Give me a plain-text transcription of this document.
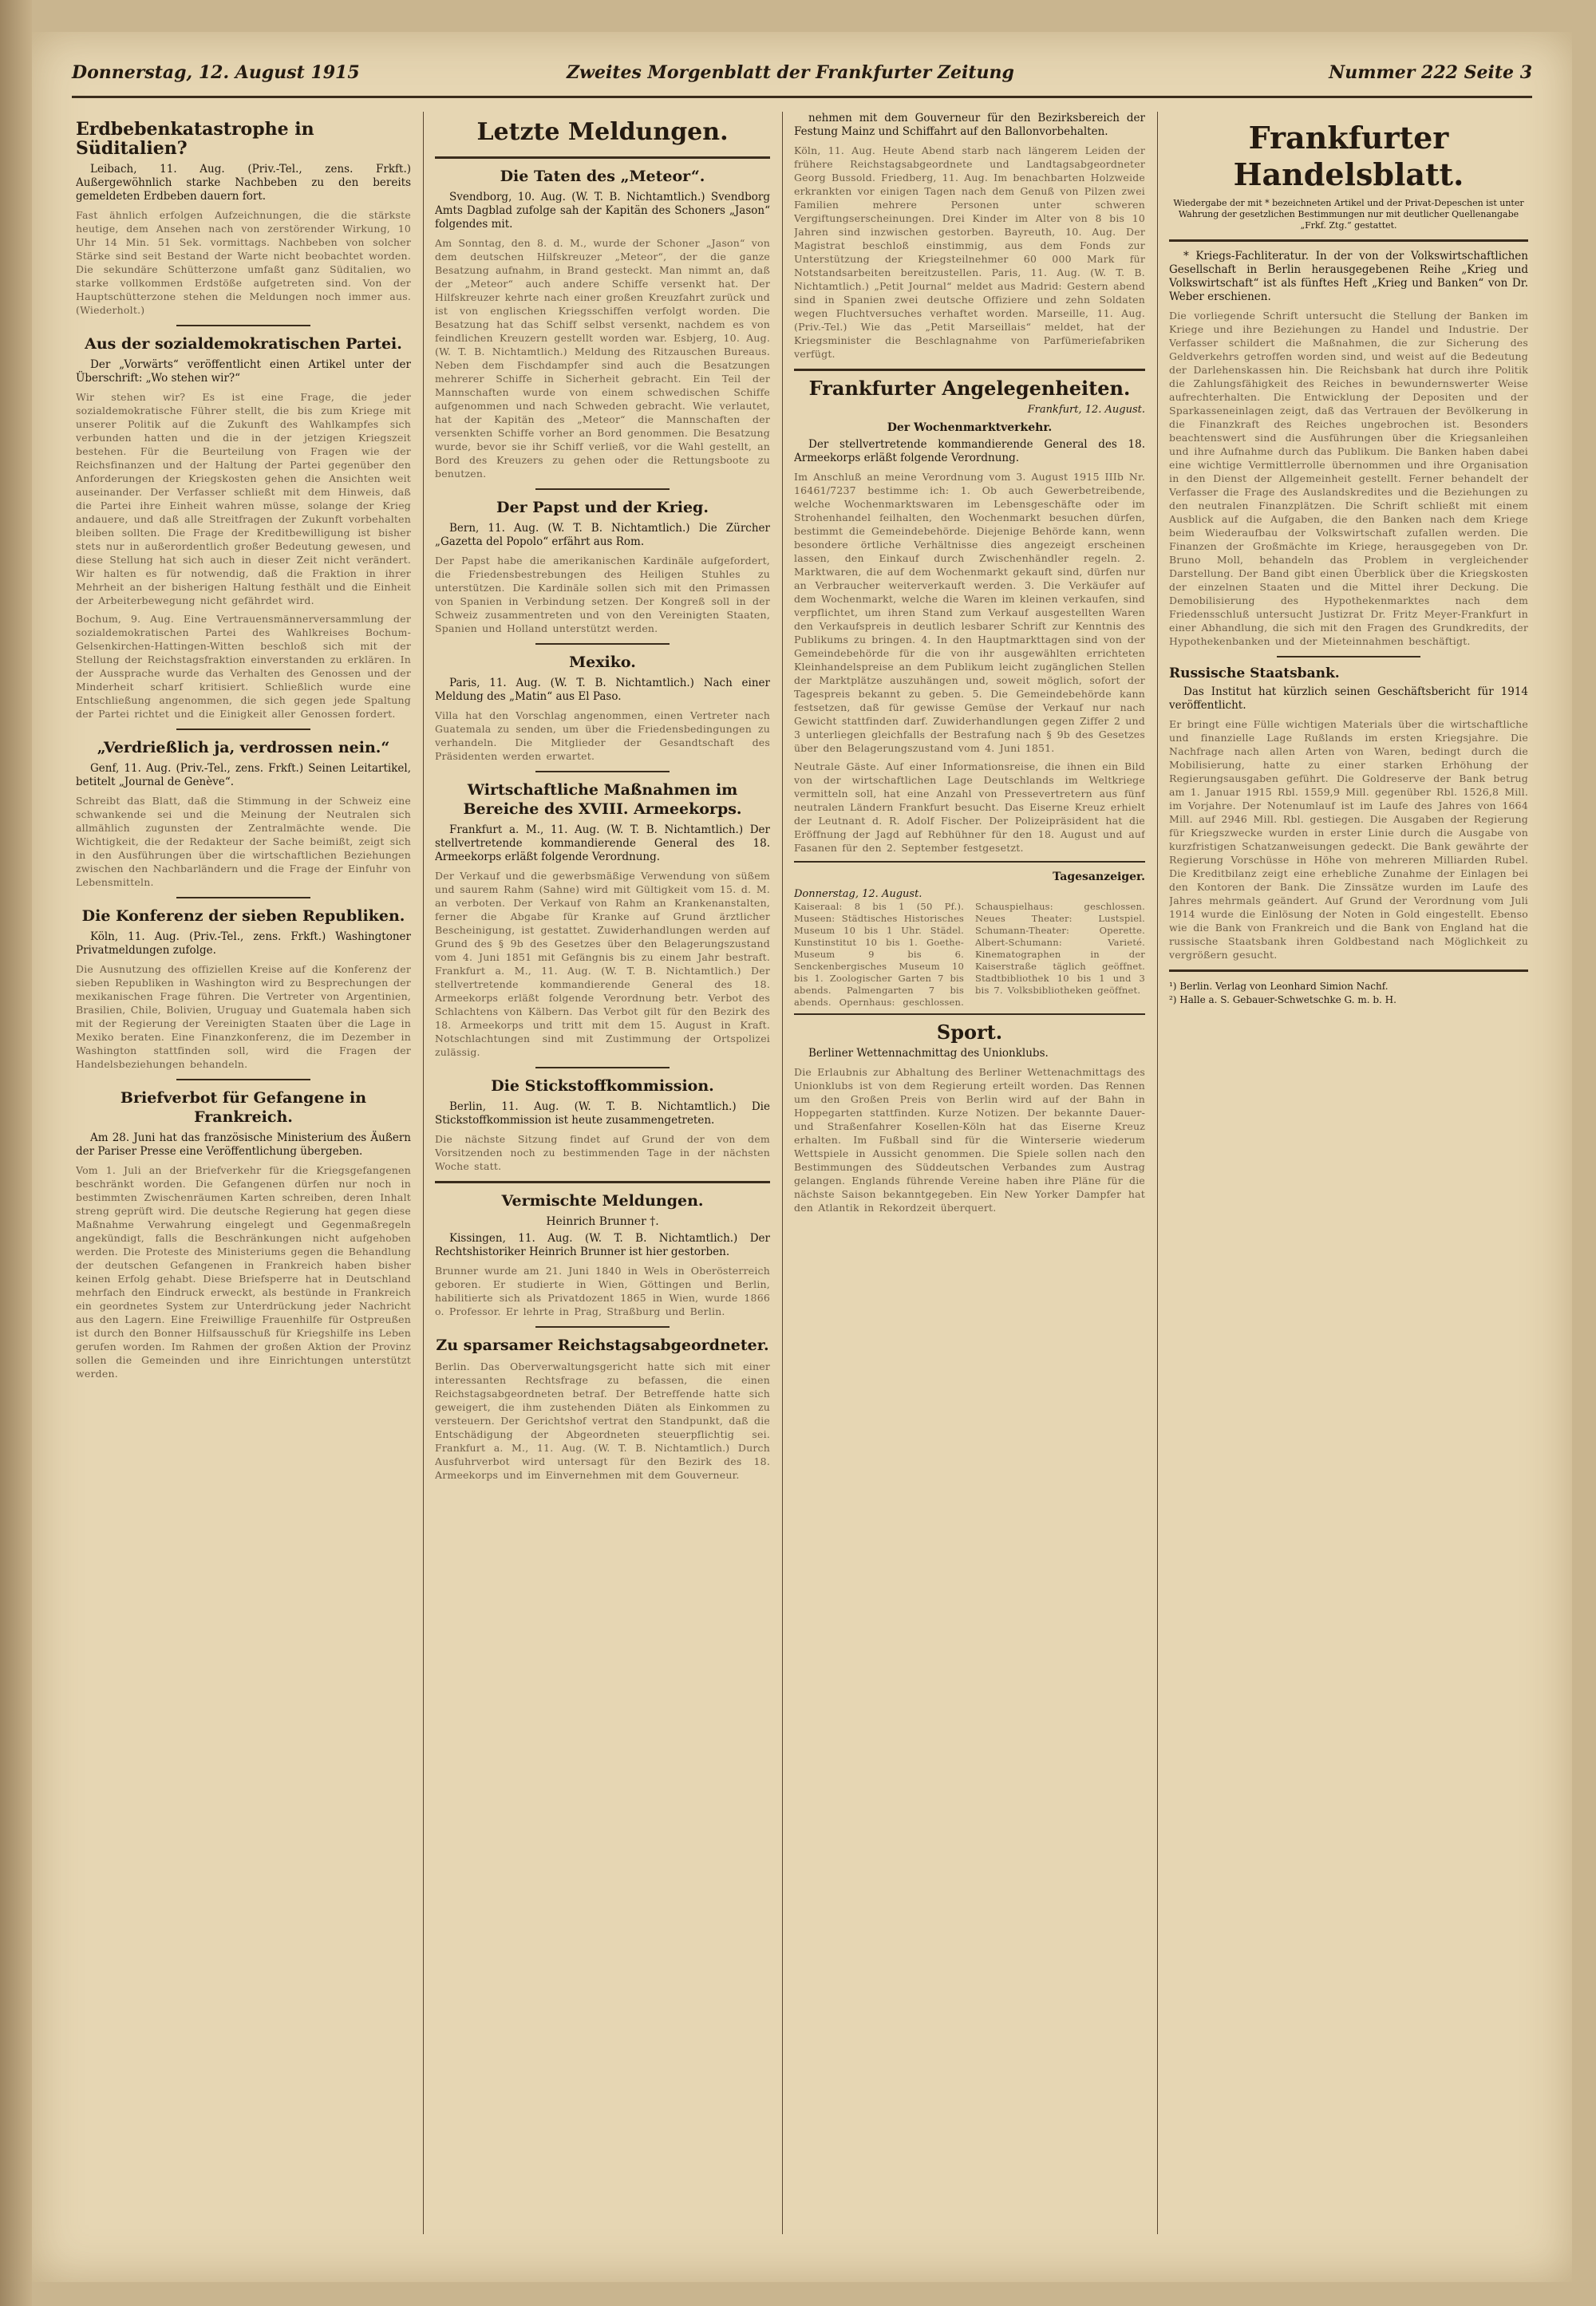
Donnerstag, 12. August 1915	Zweites Morgenblatt der Frankfurter Zeitung	Nummer 222 Seite 3
Erdbebenkatastrophe in Süditalien?

Leibach, 11. Aug. (Priv.-Tel., zens. Frkft.) Außergewöhnlich starke Nachbeben zu den bereits gemeldeten Erdbeben dauern fort.

Fast ähnlich erfolgen Aufzeichnungen, die die stärkste heutige, dem Ansehen nach von zerstörender Wirkung, 10 Uhr 14 Min. 51 Sek. vormittags. Nachbeben von solcher Stärke sind seit Bestand der Warte nicht beobachtet worden. Die sekundäre Schütterzone umfaßt ganz Süditalien, wo starke vollkommen Erdstöße aufgetreten sind. Von der Hauptschütterzone stehen die Meldungen noch immer aus. (Wiederholt.)
Aus der sozialdemokratischen Partei.

Der „Vorwärts“ veröffentlicht einen Artikel unter der Überschrift: „Wo stehen wir?“

Wir stehen wir? Es ist eine Frage, die jeder sozialdemokratische Führer stellt, die bis zum Kriege mit unserer Politik auf die Zukunft des Wahlkampfes sich verbunden hatten und die in der jetzigen Kriegszeit bestehen. Für die Beurteilung von Fragen wie der Reichsfinanzen und der Haltung der Partei gegenüber den Anforderungen der Kriegskosten gehen die Ansichten weit auseinander. Der Verfasser schließt mit dem Hinweis, daß die Partei ihre Einheit wahren müsse, solange der Krieg andauere, und daß alle Streitfragen der Zukunft vorbehalten bleiben sollten. Die Frage der Kreditbewilligung ist bisher stets nur in außerordentlich großer Bedeutung gewesen, und diese Stellung hat sich auch in dieser Zeit nicht verändert. Wir halten es für notwendig, daß die Fraktion in ihrer Mehrheit an der bisherigen Haltung festhält und die Einheit der Arbeiterbewegung nicht gefährdet wird.
Bochum, 9. Aug. Eine Vertrauensmännerversammlung der sozialdemokratischen Partei des Wahlkreises Bochum-Gelsenkirchen-Hattingen-Witten beschloß sich mit der Stellung der Reichstagsfraktion einverstanden zu erklären. In der Aussprache wurde das Verhalten des Genossen und der Minderheit scharf kritisiert. Schließlich wurde eine Entschließung angenommen, die sich gegen jede Spaltung der Partei richtet und die Einigkeit aller Genossen fordert.
„Verdrießlich ja, verdrossen nein.“

Genf, 11. Aug. (Priv.-Tel., zens. Frkft.) Seinen Leitartikel, betitelt „Journal de Genève“.

Schreibt das Blatt, daß die Stimmung in der Schweiz eine schwankende sei und die Meinung der Neutralen sich allmählich zugunsten der Zentralmächte wende. Die Wichtigkeit, die der Redakteur der Sache beimißt, zeigt sich in den Ausführungen über die wirtschaftlichen Beziehungen zwischen den Nachbarländern und die Frage der Einfuhr von Lebensmitteln.
Die Konferenz der sieben Republiken.

Köln, 11. Aug. (Priv.-Tel., zens. Frkft.) Washingtoner Privatmeldungen zufolge.

Die Ausnutzung des offiziellen Kreise auf die Konferenz der sieben Republiken in Washington wird zu Besprechungen der mexikanischen Frage führen. Die Vertreter von Argentinien, Brasilien, Chile, Bolivien, Uruguay und Guatemala haben sich mit der Regierung der Vereinigten Staaten über die Lage in Mexiko beraten. Eine Finanzkonferenz, die im Dezember in Washington stattfinden soll, wird die Fragen der Handelsbeziehungen behandeln.
Briefverbot für Gefangene in Frankreich.

Am 28. Juni hat das französische Ministerium des Äußern der Pariser Presse eine Veröffentlichung übergeben.

Vom 1. Juli an der Briefverkehr für die Kriegsgefangenen beschränkt worden. Die Gefangenen dürfen nur noch in bestimmten Zwischenräumen Karten schreiben, deren Inhalt streng geprüft wird. Die deutsche Regierung hat gegen diese Maßnahme Verwahrung eingelegt und Gegenmaßregeln angekündigt, falls die Beschränkungen nicht aufgehoben werden. Die Proteste des Ministeriums gegen die Behandlung der deutschen Gefangenen in Frankreich haben bisher keinen Erfolg gehabt. Diese Briefsperre hat in Deutschland mehrfach den Eindruck erweckt, als bestünde in Frankreich ein geordnetes System zur Unterdrückung jeder Nachricht aus den Lagern. Eine Freiwillige Frauenhilfe für Ostpreußen ist durch den Bonner Hilfsausschuß für Kriegshilfe ins Leben gerufen worden. Im Rahmen der großen Aktion der Provinz sollen die Gemeinden und ihre Einrichtungen unterstützt werden.
Letzte Meldungen.
Die Taten des „Meteor“.

Svendborg, 10. Aug. (W. T. B. Nichtamtlich.) Svendborg Amts Dagblad zufolge sah der Kapitän des Schoners „Jason“ folgendes mit.

Am Sonntag, den 8. d. M., wurde der Schoner „Jason“ von dem deutschen Hilfskreuzer „Meteor“, der die ganze Besatzung aufnahm, in Brand gesteckt. Man nimmt an, daß der „Meteor“ auch andere Schiffe versenkt hat. Der Hilfskreuzer kehrte nach einer großen Kreuzfahrt zurück und ist von englischen Kriegsschiffen verfolgt worden. Die Besatzung hat das Schiff selbst versenkt, nachdem es von feindlichen Kreuzern gestellt worden war. Esbjerg, 10. Aug. (W. T. B. Nichtamtlich.) Meldung des Ritzauschen Bureaus. Neben dem Fischdampfer sind auch die Besatzungen mehrerer Schiffe in Sicherheit gebracht. Ein Teil der Mannschaften wurde von einem schwedischen Schiffe aufgenommen und nach Schweden gebracht. Wie verlautet, hat der Kapitän des „Meteor“ die Mannschaften der versenkten Schiffe vorher an Bord genommen. Die Besatzung wurde, bevor sie ihr Schiff verließ, vor die Wahl gestellt, an Bord des Kreuzers zu gehen oder die Rettungsboote zu benutzen.
Der Papst und der Krieg.

Bern, 11. Aug. (W. T. B. Nichtamtlich.) Die Zürcher „Gazetta del Popolo“ erfährt aus Rom.

Der Papst habe die amerikanischen Kardinäle aufgefordert, die Friedensbestrebungen des Heiligen Stuhles zu unterstützen. Die Kardinäle sollen sich mit den Primassen von Spanien in Verbindung setzen. Der Kongreß soll in der Schweiz zusammentreten und von den Vereinigten Staaten, Spanien und Holland unterstützt werden.
Mexiko.

Paris, 11. Aug. (W. T. B. Nichtamtlich.) Nach einer Meldung des „Matin“ aus El Paso.

Villa hat den Vorschlag angenommen, einen Vertreter nach Guatemala zu senden, um über die Friedensbedingungen zu verhandeln. Die Mitglieder der Gesandtschaft des Präsidenten werden erwartet.
Wirtschaftliche Maßnahmen im Bereiche des XVIII. Armeekorps.

Frankfurt a. M., 11. Aug. (W. T. B. Nichtamtlich.) Der stellvertretende kommandierende General des 18. Armeekorps erläßt folgende Verordnung.

Der Verkauf und die gewerbsmäßige Verwendung von süßem und saurem Rahm (Sahne) wird mit Gültigkeit vom 15. d. M. an verboten. Der Verkauf von Rahm an Krankenanstalten, ferner die Abgabe für Kranke auf Grund ärztlicher Bescheinigung, ist gestattet. Zuwiderhandlungen werden auf Grund des § 9b des Gesetzes über den Belagerungszustand vom 4. Juni 1851 mit Gefängnis bis zu einem Jahr bestraft. Frankfurt a. M., 11. Aug. (W. T. B. Nichtamtlich.) Der stellvertretende kommandierende General des 18. Armeekorps erläßt folgende Verordnung betr. Verbot des Schlachtens von Kälbern. Das Verbot gilt für den Bezirk des 18. Armeekorps und tritt mit dem 15. August in Kraft. Notschlachtungen sind mit Zustimmung der Ortspolizei zulässig.
Die Stickstoffkommission.

Berlin, 11. Aug. (W. T. B. Nichtamtlich.) Die Stickstoffkommission ist heute zusammengetreten.

Die nächste Sitzung findet auf Grund der von dem Vorsitzenden noch zu bestimmenden Tage in der nächsten Woche statt.
Vermischte Meldungen.
Heinrich Brunner †.

Kissingen, 11. Aug. (W. T. B. Nichtamtlich.) Der Rechtshistoriker Heinrich Brunner ist hier gestorben.

Brunner wurde am 21. Juni 1840 in Wels in Oberösterreich geboren. Er studierte in Wien, Göttingen und Berlin, habilitierte sich als Privatdozent 1865 in Wien, wurde 1866 o. Professor. Er lehrte in Prag, Straßburg und Berlin.
Zu sparsamer Reichstagsabgeordneter.
Berlin. Das Oberverwaltungsgericht hatte sich mit einer interessanten Rechtsfrage zu befassen, die einen Reichstagsabgeordneten betraf. Der Betreffende hatte sich geweigert, die ihm zustehenden Diäten als Einkommen zu versteuern. Der Gerichtshof vertrat den Standpunkt, daß die Entschädigung der Abgeordneten steuerpflichtig sei. Frankfurt a. M., 11. Aug. (W. T. B. Nichtamtlich.) Durch Ausfuhrverbot wird untersagt für den Bezirk des 18. Armeekorps und im Einvernehmen mit dem Gouverneur.

nehmen mit dem Gouverneur für den Bezirksbereich der Festung Mainz und Schiffahrt auf den Ballonvorbehalten.

Köln, 11. Aug. Heute Abend starb nach längerem Leiden der frühere Reichstagsabgeordnete und Landtagsabgeordneter Georg Bussold. Friedberg, 11. Aug. Im benachbarten Holzweide erkrankten vor einigen Tagen nach dem Genuß von Pilzen zwei Familien mehrere Personen unter schweren Vergiftungserscheinungen. Drei Kinder im Alter von 8 bis 10 Jahren sind inzwischen gestorben. Bayreuth, 10. Aug. Der Magistrat beschloß einstimmig, aus dem Fonds zur Unterstützung der Kriegsteilnehmer 60 000 Mark für Notstandsarbeiten bereitzustellen. Paris, 11. Aug. (W. T. B. Nichtamtlich.) „Petit Journal“ meldet aus Madrid: Gestern abend sind in Spanien zwei deutsche Offiziere und zehn Soldaten wegen Fluchtversuches verhaftet worden. Marseille, 11. Aug. (Priv.-Tel.) Wie das „Petit Marseillais“ meldet, hat der Kriegsminister die Beschlagnahme von Parfümeriefabriken verfügt.
Frankfurter Angelegenheiten.
Frankfurt, 12. August.
Der Wochenmarktverkehr.

Der stellvertretende kommandierende General des 18. Armeekorps erläßt folgende Verordnung.

Im Anschluß an meine Verordnung vom 3. August 1915 IIIb Nr. 16461/7237 bestimme ich: 1. Ob auch Gewerbetreibende, welche Wochenmarktswaren im Lebensgeschäfte oder im Strohenhandel feilhalten, den Wochenmarkt besuchen dürfen, bestimmt die Gemeindebehörde. Diejenige Behörde kann, wenn besondere örtliche Verhältnisse dies angezeigt erscheinen lassen, den Einkauf durch Zwischenhändler regeln. 2. Marktwaren, die auf dem Wochenmarkt gekauft sind, dürfen nur an Verbraucher weiterverkauft werden. 3. Die Verkäufer auf dem Wochenmarkt, welche die Waren im kleinen verkaufen, sind verpflichtet, um ihren Stand zum Verkauf ausgestellten Waren den Verkaufspreis in deutlich lesbarer Schrift zur Kenntnis des Publikums zu bringen. 4. In den Hauptmarkttagen sind von der Gemeindebehörde für die von ihr ausgewählten errichteten Kleinhandelspreise an dem Publikum leicht zugänglichen Stellen der Marktplätze auszuhängen und, soweit möglich, sofort der Tagespreis bekannt zu geben. 5. Die Gemeindebehörde kann festsetzen, daß für gewisse Gemüse der Verkauf nur nach Gewicht stattfinden darf. Zuwiderhandlungen gegen Ziffer 2 und 3 unterliegen gleichfalls der Bestrafung nach § 9b des Gesetzes über den Belagerungszustand vom 4. Juni 1851.
Neutrale Gäste. Auf einer Informationsreise, die ihnen ein Bild von der wirtschaftlichen Lage Deutschlands im Weltkriege vermitteln soll, hat eine Anzahl von Pressevertretern aus fünf neutralen Ländern Frankfurt besucht. Das Eiserne Kreuz erhielt der Leutnant d. R. Adolf Fischer. Der Polizeipräsident hat die Eröffnung der Jagd auf Rebhühner für den 18. August und auf Fasanen für den 2. September festgesetzt.
Tagesanzeiger.
Donnerstag, 12. August.
Kaiseraal: 8 bis 1 (50 Pf.). Museen: Städtisches Historisches Museum 10 bis 1 Uhr. Städel. Kunstinstitut 10 bis 1. Goethe-Museum 9 bis 6. Senckenbergisches Museum 10 bis 1. Zoologischer Garten 7 bis abends. Palmengarten 7 bis abends. Opernhaus: geschlossen. Schauspielhaus: geschlossen. Neues Theater: Lustspiel. Schumann-Theater: Operette. Albert-Schumann: Varieté. Kinematographen in der Kaiserstraße täglich geöffnet. Stadtbibliothek 10 bis 1 und 3 bis 7. Volksbibliotheken geöffnet.
Sport.

Berliner Wettennachmittag des Unionklubs.

Die Erlaubnis zur Abhaltung des Berliner Wettenachmittags des Unionklubs ist von dem Regierung erteilt worden. Das Rennen um den Großen Preis von Berlin wird auf der Bahn in Hoppegarten stattfinden. Kurze Notizen. Der bekannte Dauer- und Straßenfahrer Kosellen-Köln hat das Eiserne Kreuz erhalten. Im Fußball sind für die Winterserie wiederum Wettspiele in Aussicht genommen. Die Spiele sollen nach den Bestimmungen des Süddeutschen Verbandes zum Austrag gelangen. Englands führende Vereine haben ihre Pläne für die nächste Saison bekanntgegeben. Ein New Yorker Dampfer hat den Atlantik in Rekordzeit überquert.
Frankfurter Handelsblatt.
Wiedergabe der mit * bezeichneten Artikel und der Privat-Depeschen ist unter Wahrung der gesetzlichen Bestimmungen nur mit deutlicher Quellenangabe „Frkf. Ztg.“ gestattet.

* Kriegs-Fachliteratur. In der von der Volkswirtschaftlichen Gesellschaft in Berlin herausgegebenen Reihe „Krieg und Volkswirtschaft“ ist als fünftes Heft „Krieg und Banken“ von Dr. Weber erschienen.

Die vorliegende Schrift untersucht die Stellung der Banken im Kriege und ihre Beziehungen zu Handel und Industrie. Der Verfasser schildert die Maßnahmen, die zur Sicherung des Geldverkehrs getroffen worden sind, und weist auf die Bedeutung der Darlehenskassen hin. Die Reichsbank hat durch ihre Politik die Zahlungsfähigkeit des Reiches in bewundernswerter Weise aufrechterhalten. Die Entwicklung der Depositen und der Sparkasseneinlagen zeigt, daß das Vertrauen der Bevölkerung in die Finanzkraft des Reiches ungebrochen ist. Besonders beachtenswert sind die Ausführungen über die Kriegsanleihen und ihre Aufnahme durch das Publikum. Die Banken haben dabei eine wichtige Vermittlerrolle übernommen und ihre Organisation in den Dienst der Allgemeinheit gestellt. Ferner behandelt der Verfasser die Frage des Auslandskredites und die Beziehungen zu den neutralen Finanzplätzen. Die Schrift schließt mit einem Ausblick auf die Aufgaben, die den Banken nach dem Kriege beim Wiederaufbau der Volkswirtschaft zufallen werden. Die Finanzen der Großmächte im Kriege, herausgegeben von Dr. Bruno Moll, behandeln das Problem in vergleichender Darstellung. Der Band gibt einen Überblick über die Kriegskosten der einzelnen Staaten und die Mittel ihrer Deckung. Die Demobilisierung des Hypothekenmarktes nach dem Friedensschluß untersucht Justizrat Dr. Fritz Meyer-Frankfurt in einer Abhandlung, die sich mit den Fragen des Grundkredits, der Hypothekenbanken und der Mieteinnahmen beschäftigt.
Russische Staatsbank.

Das Institut hat kürzlich seinen Geschäftsbericht für 1914 veröffentlicht.

Er bringt eine Fülle wichtigen Materials über die wirtschaftliche und finanzielle Lage Rußlands im ersten Kriegsjahre. Die Nachfrage nach allen Arten von Waren, bedingt durch die Mobilisierung, hatte zu einer starken Erhöhung der Regierungsausgaben geführt. Die Goldreserve der Bank betrug am 1. Januar 1915 Rbl. 1559,9 Mill. gegenüber Rbl. 1526,8 Mill. im Vorjahre. Der Notenumlauf ist im Laufe des Jahres von 1664 Mill. auf 2946 Mill. Rbl. gestiegen. Die Ausgaben der Regierung für Kriegszwecke wurden in erster Linie durch die Ausgabe von kurzfristigen Schatzanweisungen gedeckt. Die Bank gewährte der Regierung Vorschüsse in Höhe von mehreren Milliarden Rubel. Die Kreditbilanz zeigt eine erhebliche Zunahme der Einlagen bei den Kontoren der Bank. Die Zinssätze wurden im Laufe des Jahres mehrmals geändert. Auf Grund der Verordnung vom Juli 1914 wurde die Einlösung der Noten in Gold eingestellt. Ebenso wie die Bank von Frankreich und die Bank von England hat die russische Staatsbank ihren Goldbestand nach Möglichkeit zu vergrößern gesucht.
¹) Berlin. Verlag von Leonhard Simion Nachf.
²) Halle a. S. Gebauer-Schwetschke G. m. b. H.
